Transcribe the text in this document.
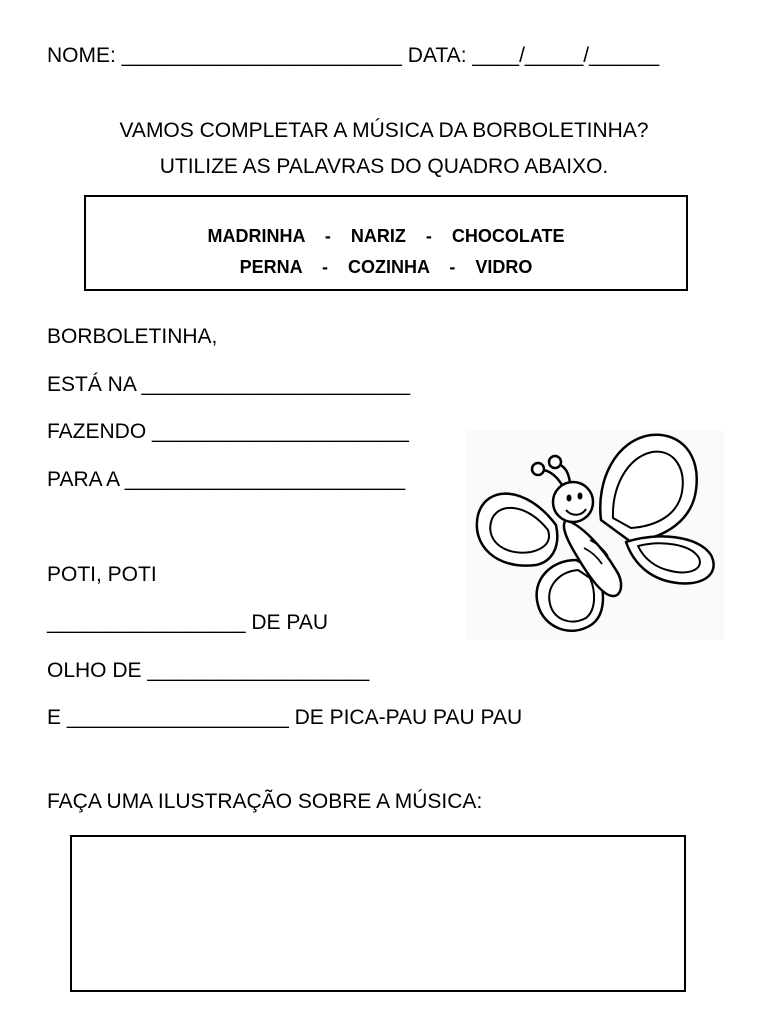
NOME: ________________________ DATA: ____/_____/______
VAMOS COMPLETAR A MÚSICA DA BORBOLETINHA?
UTILIZE AS PALAVRAS DO QUADRO ABAIXO.
MADRINHA    -    NARIZ    -    CHOCOLATE
PERNA    -    COZINHA    -    VIDRO
BORBOLETINHA,
ESTÁ NA _______________________
FAZENDO ______________________
PARA A ________________________
POTI, POTI
_________________ DE PAU
OLHO DE ___________________
E ___________________ DE PICA-PAU PAU PAU
FAÇA UMA ILUSTRAÇÃO SOBRE A MÚSICA:
